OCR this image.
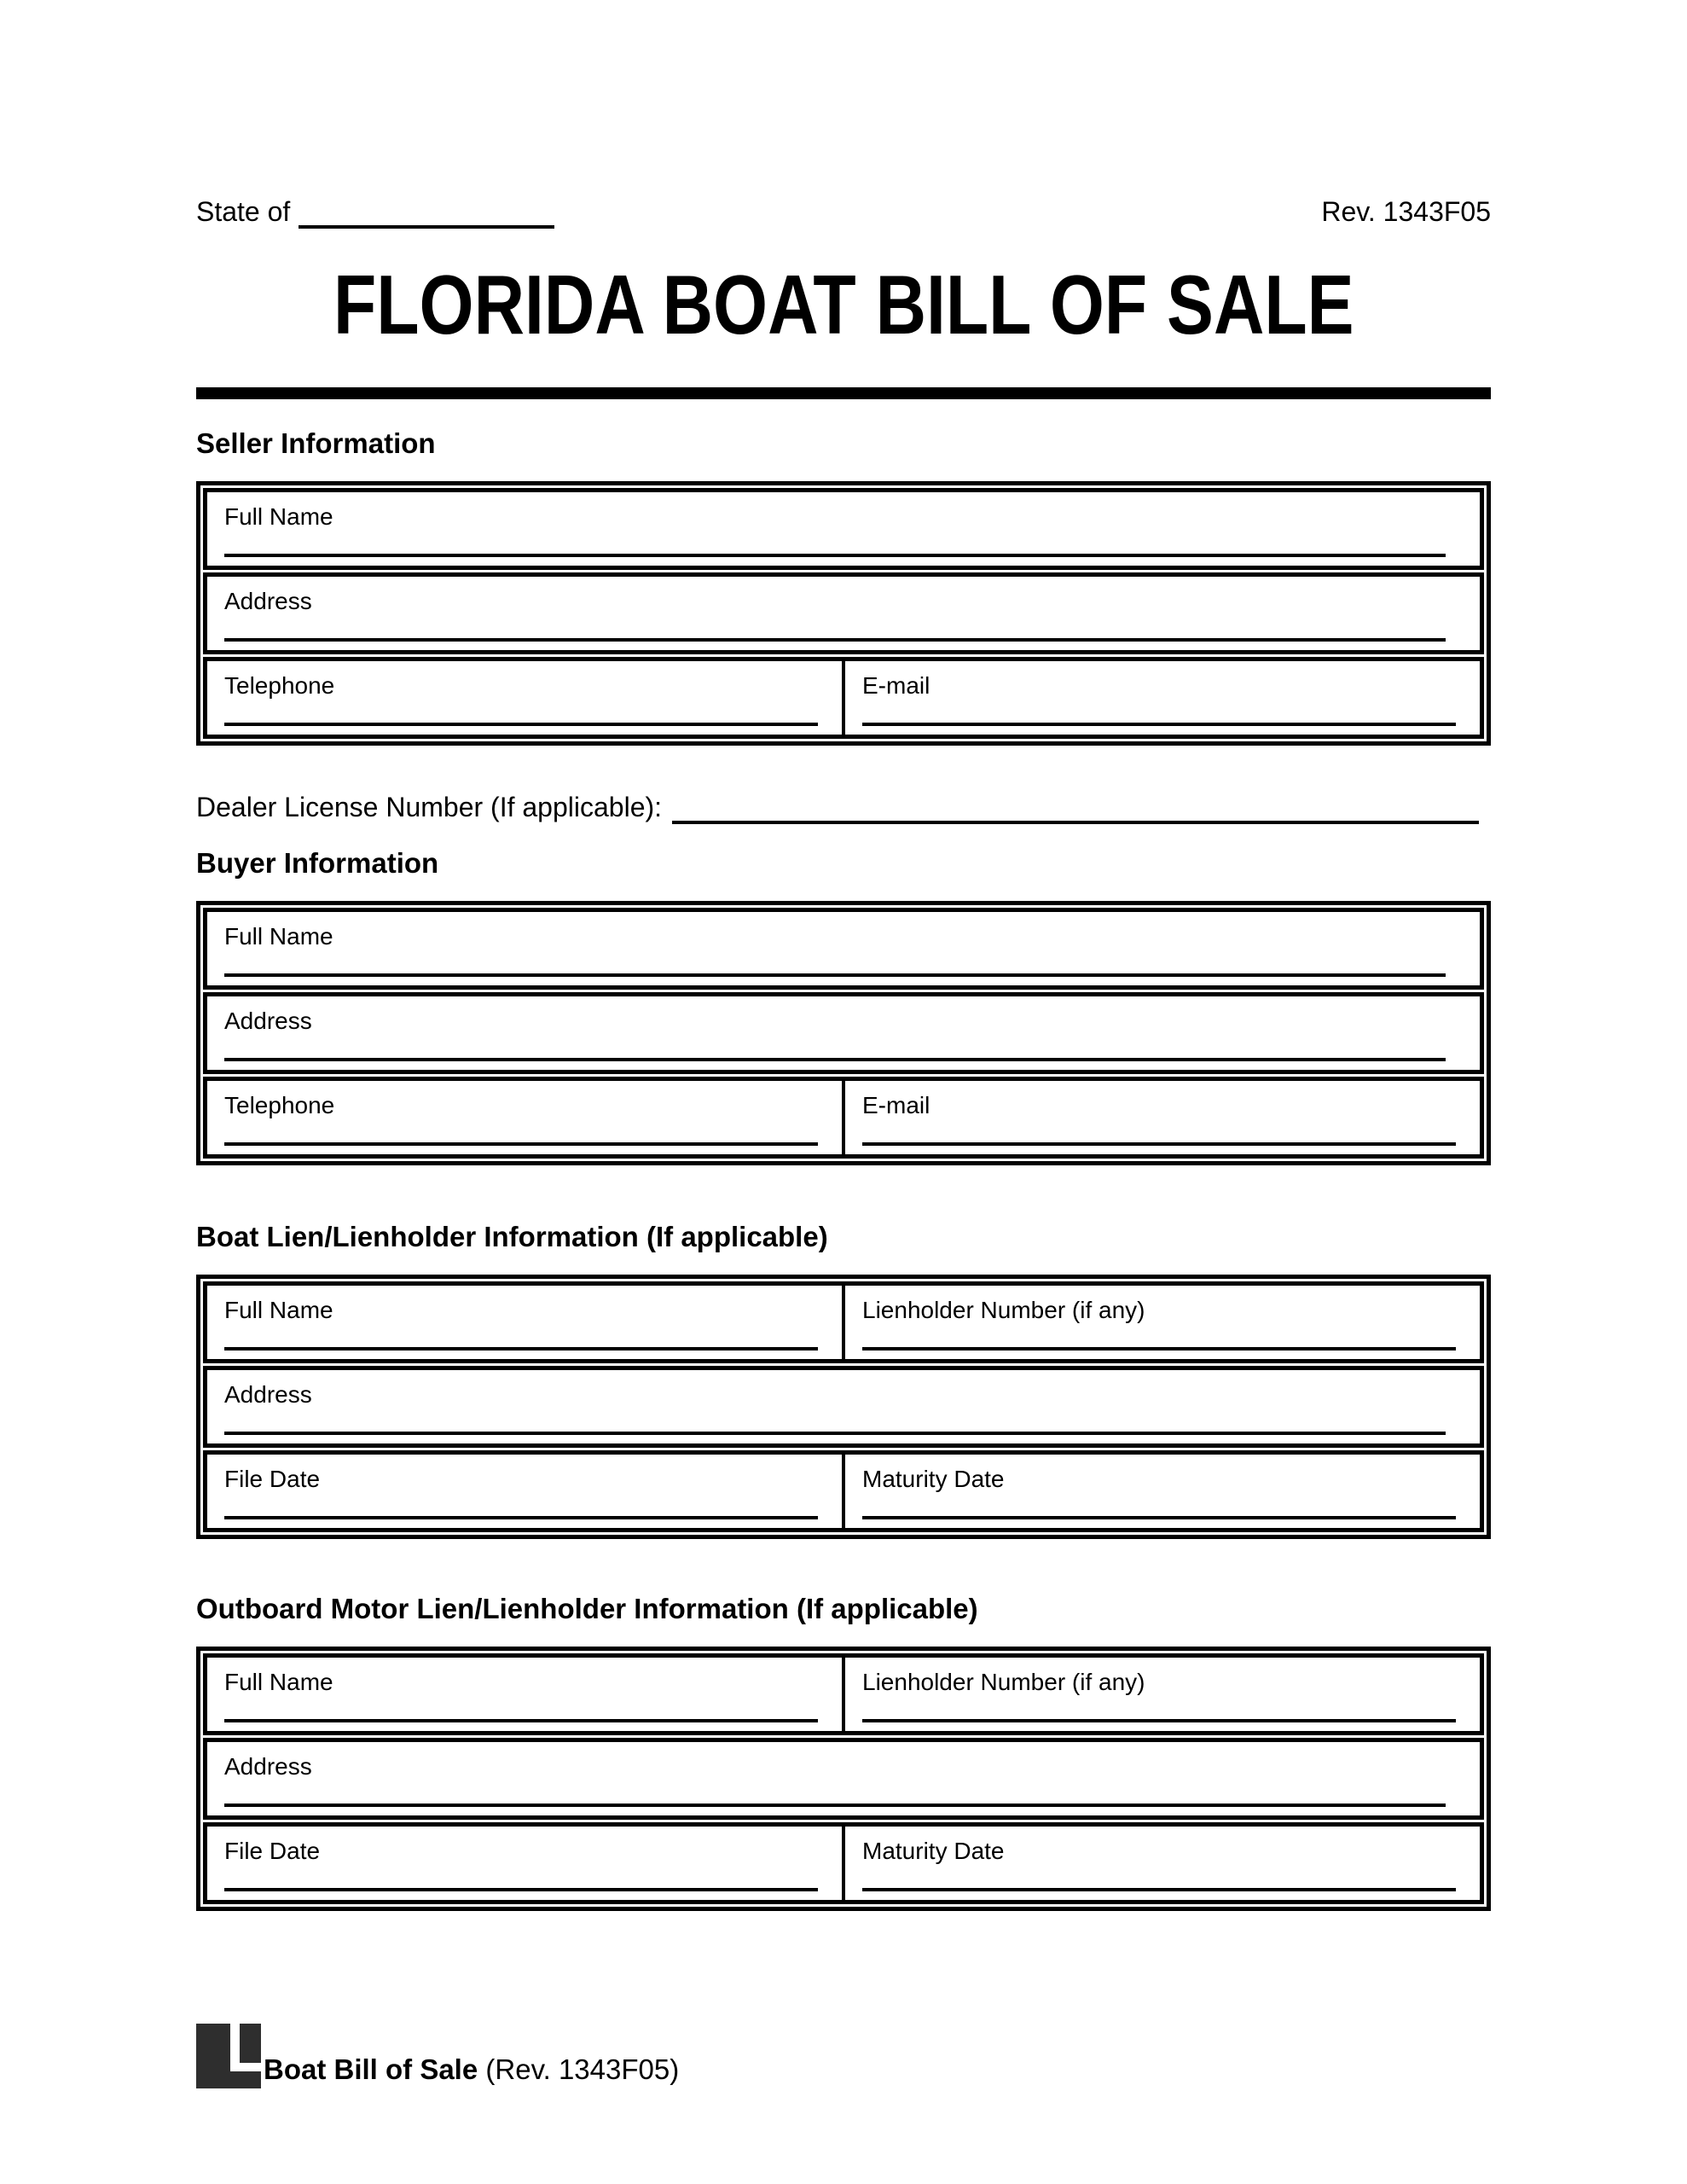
State of	Rev. 1343F05
FLORIDA BOAT BILL OF SALE
Seller Information
Full Name
Address
Telephone	E-mail
Dealer License Number (If applicable):
Buyer Information
Full Name
Address
Telephone	E-mail
Boat Lien/Lienholder Information (If applicable)
Full Name	Lienholder Number (if any)
Address
File Date	Maturity Date
Outboard Motor Lien/Lienholder Information (If applicable)
Full Name	Lienholder Number (if any)
Address
File Date	Maturity Date
Boat Bill of Sale (Rev. 1343F05)
